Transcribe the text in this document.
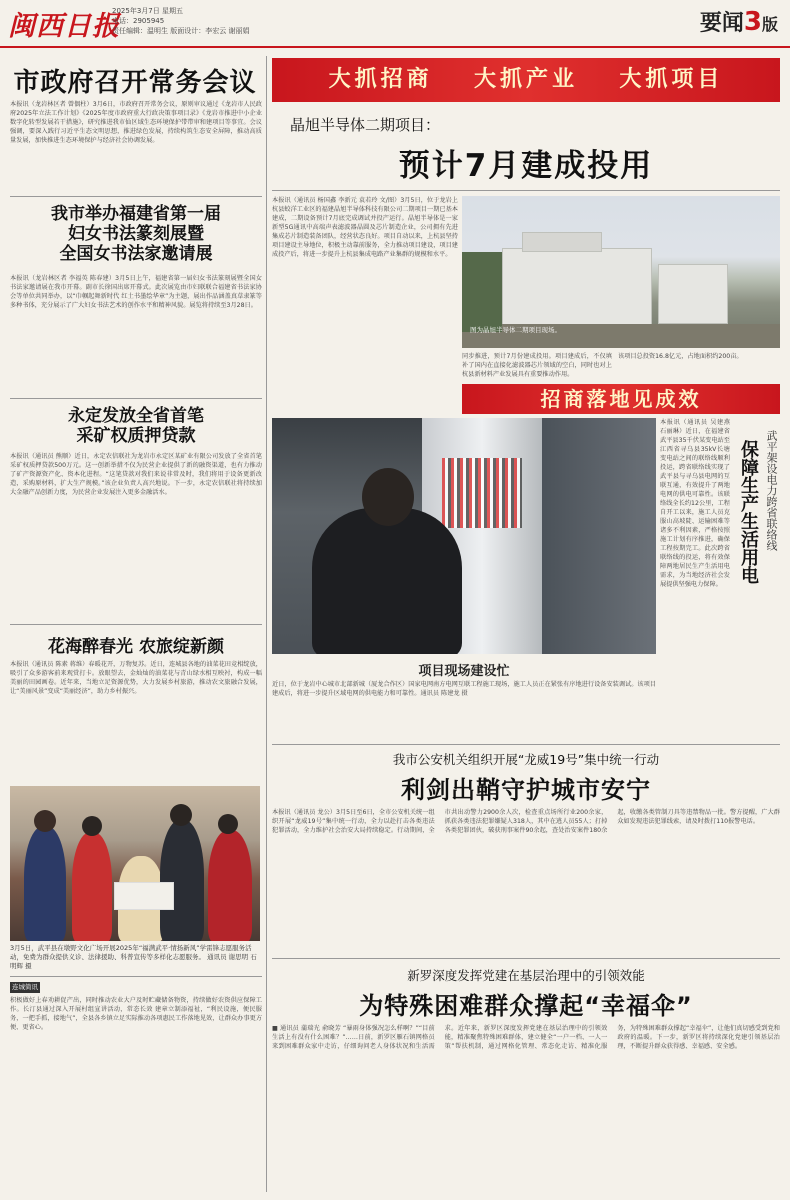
闽西日报
2025年3月7日 星期五
电话：2905945
责任编辑：温明生 版面设计：李宏云 谢丽娟	要闻3版
市政府召开常务会议
本报讯（龙岩林区者 曾偶柱）3月6日，市政府召开常务会议，原则审议通过《龙岩市人民政府2025年立法工作计划》《2025年度市政府重大行政决策事项目录》《龙岩市推进中小企业数字化转型发展若干措施》，研究推进我市仙区域生态环境保护带带审和建项目等事宜。会议强调，要深入践行习近平生态文明思想，推进绿色发展，持续构筑生态安全屏障，推动高质量发展，加快推进生态环境保护与经济社会协调发展。
我市举办福建省第一届
妇女书法篆刻展暨
全国女书法家邀请展
本报讯（龙岩林区者 李福英 陈春建）3月5日上午，福建省第一届妇女书法篆刻展暨全国女书法家邀请展在我市开幕。副市长徐国出席开幕式。此次展览由市妇联联合福建省书法家协会等单位共同举办，以“巾帼起舞新时代 红土书墨绘华章”为主题，展出作品涵盖真草隶篆等多种书体，充分展示了广大妇女书法艺术的创作水平和精神风貌。展览将持续至3月28日。
永定发放全省首笔
采矿权质押贷款
本报讯（通讯员 熊顺）近日，永定农信联社为龙岩市永定区某矿业有限公司发放了全省首笔采矿权质押贷款500万元。这一创新举措不仅为民营企业提供了新的融资渠道，也有力推动了矿产资源资产化、资本化进程。“这笔贷款对我们来说非常及时，我们将用于设备更新改造，采购原材料，扩大生产规模。”该企业负责人高兴地说。下一步，永定农信联社将持续加大金融产品创新力度，为民营企业发展注入更多金融活水。
花海醉春光 农旅绽新颜
本报讯（通讯员 陈素 蒋维）春暖花开，万物复苏。近日，连城县各地的油菜花田竞相绽放，吸引了众多游客前来观赏打卡。放眼望去，金灿灿的油菜花与青山绿水相互映衬，构成一幅美丽的田园画卷。近年来，当地立足资源优势，大力发展乡村旅游，推动农文旅融合发展，让“美丽风景”变成“美丽经济”，助力乡村振兴。
3月5日，武平县在墩野文化广场开展2025年“福满武平·情扬新风”学雷锋志愿服务活动，免费为群众提供义诊、法律援助、科普宣传等多样化志愿服务。 通讯员 谢思明 石明辉 摄
连城简讯
积极做好上春劝耕促产出，同时推动农业大户及时贮藏储备物资，持续做好农资供应保障工作。长汀县通过深入开展村组宣讲活动，常态长效 建章立制添福祉，“利民设施，便民服务，一把手抓，接地气”，全县各乡镇立足实际推动各项惠民工作落地见效，让群众办事更方便、更省心。
大抓招商 大抓产业 大抓项目
晶旭半导体二期项目：
预计7月建成投用
本报讯（通讯员 杨国鑫 李新元 袁若玲 文/图）3月5日，位于龙岩上杭县蛟洋工业区的福建晶旭半导体科技有限公司二期项目一期已基本建成，二期设备预计7月底完成调试并投产运行。晶旭半导体是一家新型5G通讯中高端声表滤波器晶圆及芯片制造企业，公司拥有先进集成芯片制造装备团队，经营状态良好。项目自动以来，上杭县坚持项目建设主导地位，积极主动靠前服务，全力推动项目建设，项目建成投产后，将进一步提升上杭县集成电路产业集群的规模和水平。
图为晶旭半导体二期项目现场。
同步推进，预计7月份建成投用。项目建成后，不仅填补了国内在直接化滤波器芯片领域的空白，同时也对上杭县新材料产业发展具有重要推动作用。
该项目总投资16.8亿元，占地面积约200亩。
招商落地见成效
项目现场建设忙
近日，位于龙岩中心城市北部新城（厦龙合作区）国家电网南方电网互联工程施工现场，施工人员正在紧张有序地进行设备安装调试。该项目建成后，将进一步提升区域电网的供电能力和可靠性。通讯员 陈建龙 摄
本报讯（通讯员 吴建燕 石丽琳）近日，在福建省武平县35千伏某变电站至江西省寻乌县35kV长塘变电站之间的联络线顺利投运，跨省联络线实现了武平县与寻乌县电网的互联互通，有效提升了两地电网的供电可靠性。该联络线全长约12公里，工程自开工以来，施工人员克服山高坡陡、运输困难等诸多不利因素，严格按照施工计划有序推进，确保工程按期完工。此次跨省联络线的投运，将有效保障两地居民生产生活用电需求，为当地经济社会发展提供坚强电力保障。
保障生产生活用电 武平架设电力跨省联络线
我市公安机关组织开展“龙威19号”集中统一行动
利剑出鞘守护城市安宁
本报讯（通讯员 龙公）3月5日至6日，全市公安机关统一组织开展“龙威19号”集中统一行动，全力以赴打击各类违法犯罪活动，全力维护社会治安大局持续稳定。行动期间，全市共出动警力2900余人次，检查重点场所行业200余家，抓获各类违法犯罪嫌疑人318人，其中在逃人员55人；打掉各类犯罪团伙，破获刑事案件90余起，查处治安案件180余起，收缴各类管制刀具等违禁物品一批。警方提醒，广大群众如发现违法犯罪线索，请及时拨打110报警电话。
新罗深度发挥党建在基层治理中的引领效能
为特殊困难群众撑起“幸福伞”
■ 通讯员 蒲瑞光 俞晓芳 “暴雨身体强况怎么样啊？”“目前生活上有没有什么困难？”……日前，新罗区雁石镇网格员来到困难群众家中走访，仔细询问老人身体状况和生活需求。近年来，新罗区深度发挥党建在基层治理中的引领效能，精准聚焦特殊困难群体，建立健全“一户一档、一人一策”帮扶机制，通过网格化管理、常态化走访、精准化服务，为特殊困难群众撑起“幸福伞”，让他们真切感受到党和政府的温暖。下一步，新罗区将持续深化党建引领基层治理，不断提升群众获得感、幸福感、安全感。
